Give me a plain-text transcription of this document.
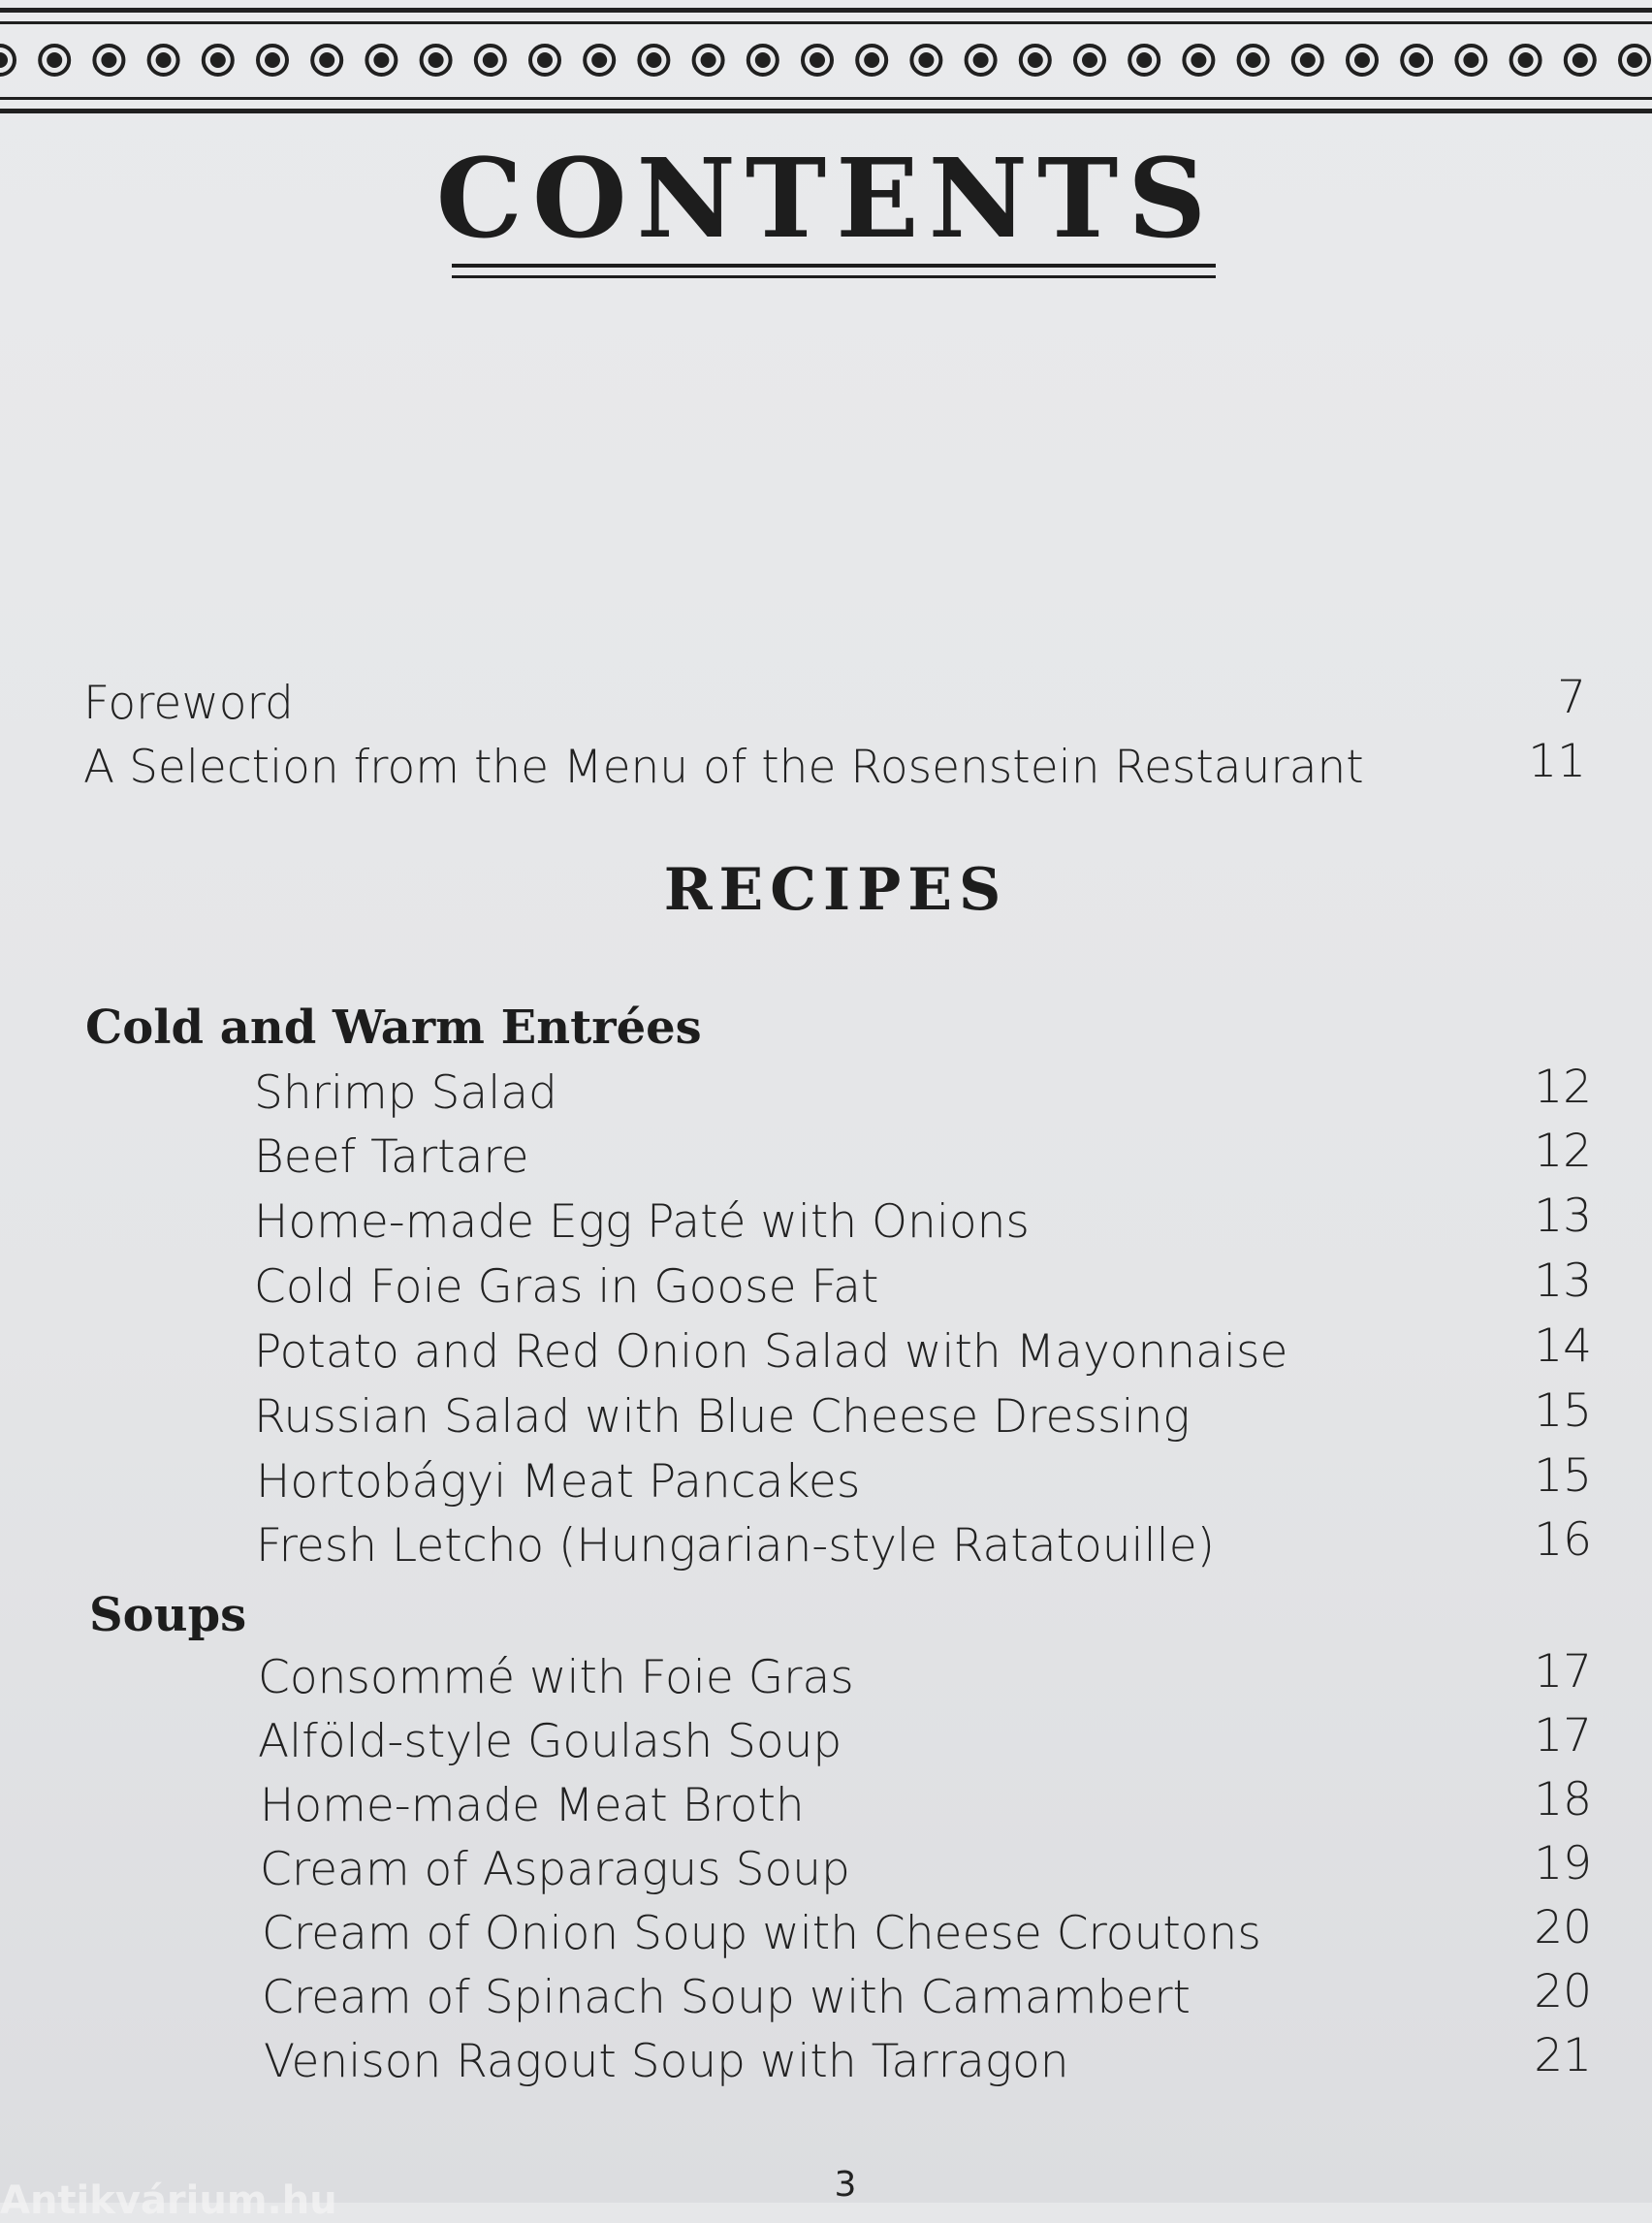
CONTENTS
Foreword	7
A Selection from the Menu of the Rosenstein Restaurant	11
RECIPES
Cold and Warm Entrées
Shrimp Salad	12
Beef Tartare	12
Home-made Egg Paté with Onions	13
Cold Foie Gras in Goose Fat	13
Potato and Red Onion Salad with Mayonnaise	14
Russian Salad with Blue Cheese Dressing	15
Hortobágyi Meat Pancakes	15
Fresh Letcho (Hungarian-style Ratatouille)	16
Soups
Consommé with Foie Gras	17
Alföld-style Goulash Soup	17
Home-made Meat Broth	18
Cream of Asparagus Soup	19
Cream of Onion Soup with Cheese Croutons	20
Cream of Spinach Soup with Camambert	20
Venison Ragout Soup with Tarragon	21
3
Antikvárium.hu
